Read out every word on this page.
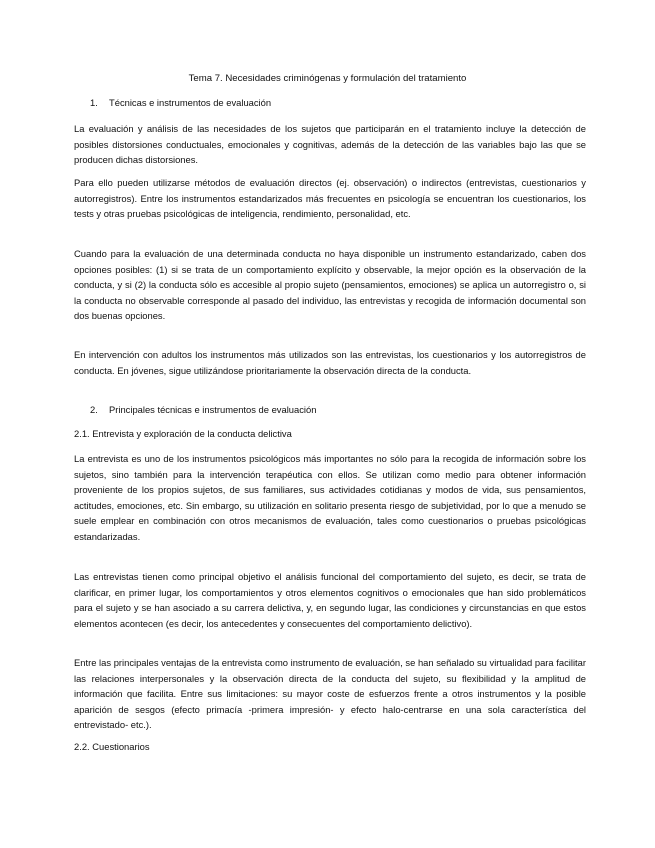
Tema 7. Necesidades criminógenas y formulación del tratamiento
1. Técnicas e instrumentos de evaluación

La evaluación y análisis de las necesidades de los sujetos que participarán en el tratamiento incluye la detección de posibles distorsiones conductuales, emocionales y cognitivas, además de la detección de las variables bajo las que se producen dichas distorsiones.

Para ello pueden utilizarse métodos de evaluación directos (ej. observación) o indirectos (entrevistas, cuestionarios y autorregistros). Entre los instrumentos estandarizados más frecuentes en psicología se encuentran los cuestionarios, los tests y otras pruebas psicológicas de inteligencia, rendimiento, personalidad, etc.

Cuando para la evaluación de una determinada conducta no haya disponible un instrumento estandarizado, caben dos opciones posibles: (1) si se trata de un comportamiento explícito y observable, la mejor opción es la observación de la conducta, y si (2) la conducta sólo es accesible al propio sujeto (pensamientos, emociones) se aplica un autorregistro o, si la conducta no observable corresponde al pasado del individuo, las entrevistas y recogida de información documental son dos buenas opciones.

En intervención con adultos los instrumentos más utilizados son las entrevistas, los cuestionarios y los autorregistros de conducta. En jóvenes, sigue utilizándose prioritariamente la observación directa de la conducta.

2. Principales técnicas e instrumentos de evaluación
2.1. Entrevista y exploración de la conducta delictiva

La entrevista es uno de los instrumentos psicológicos más importantes no sólo para la recogida de información sobre los sujetos, sino también para la intervención terapéutica con ellos. Se utilizan como medio para obtener información proveniente de los propios sujetos, de sus familiares, sus actividades cotidianas y modos de vida, sus pensamientos, actitudes, emociones, etc. Sin embargo, su utilización en solitario presenta riesgo de subjetividad, por lo que a menudo se suele emplear en combinación con otros mecanismos de evaluación, tales como cuestionarios o pruebas psicológicas estandarizadas.

Las entrevistas tienen como principal objetivo el análisis funcional del comportamiento del sujeto, es decir, se trata de clarificar, en primer lugar, los comportamientos y otros elementos cognitivos o emocionales que han sido problemáticos para el sujeto y se han asociado a su carrera delictiva, y, en segundo lugar, las condiciones y circunstancias en que estos elementos acontecen (es decir, los antecedentes y consecuentes del comportamiento delictivo).

Entre las principales ventajas de la entrevista como instrumento de evaluación, se han señalado su virtualidad para facilitar las relaciones interpersonales y la observación directa de la conducta del sujeto, su flexibilidad y la amplitud de información que facilita. Entre sus limitaciones: su mayor coste de esfuerzos frente a otros instrumentos y la posible aparición de sesgos (efecto primacía -primera impresión- y efecto halo-centrarse en una sola característica del entrevistado- etc.).

2.2. Cuestionarios
